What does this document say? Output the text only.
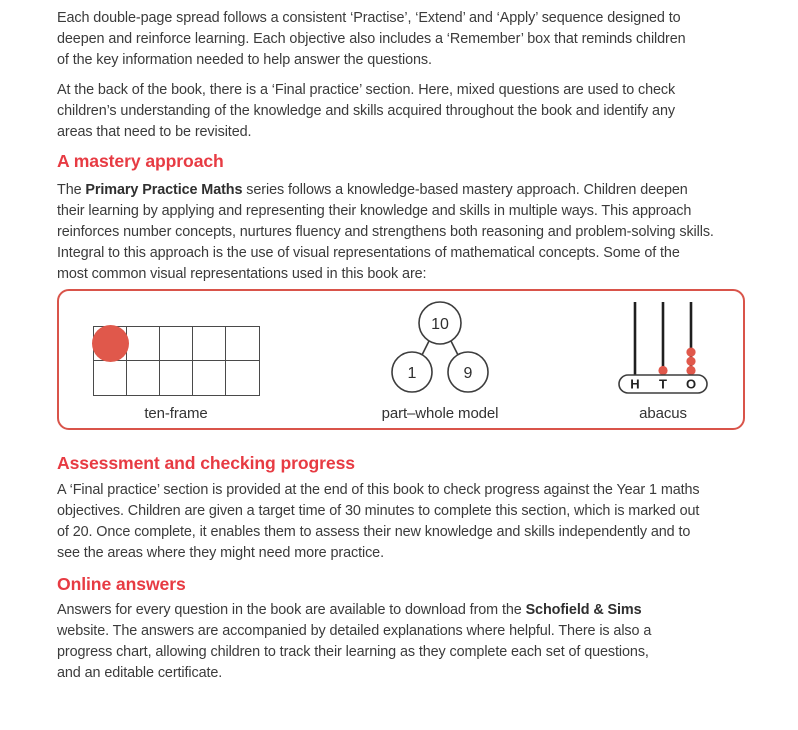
Each double-page spread follows a consistent ‘Practise’, ‘Extend’ and ‘Apply’ sequence designed to
deepen and reinforce learning. Each objective also includes a ‘Remember’ box that reminds children
of the key information needed to help answer the questions.
At the back of the book, there is a ‘Final practice’ section. Here, mixed questions are used to check
children’s understanding of the knowledge and skills acquired throughout the book and identify any
areas that need to be revisited.
A mastery approach
The Primary Practice Maths series follows a knowledge-based mastery approach. Children deepen
their learning by applying and representing their knowledge and skills in multiple ways. This approach
reinforces number concepts, nurtures fluency and strengthens both reasoning and problem-solving skills.
Integral to this approach is the use of visual representations of mathematical concepts. Some of the
most common visual representations used in this book are:
10
1	9
H T O
ten-frame	part–whole model	abacus
Assessment and checking progress
A ‘Final practice’ section is provided at the end of this book to check progress against the Year 1 maths
objectives. Children are given a target time of 30 minutes to complete this section, which is marked out
of 20. Once complete, it enables them to assess their new knowledge and skills independently and to
see the areas where they might need more practice.
Online answers
Answers for every question in the book are available to download from the Schofield & Sims
website. The answers are accompanied by detailed explanations where helpful. There is also a
progress chart, allowing children to track their learning as they complete each set of questions,
and an editable certificate.
